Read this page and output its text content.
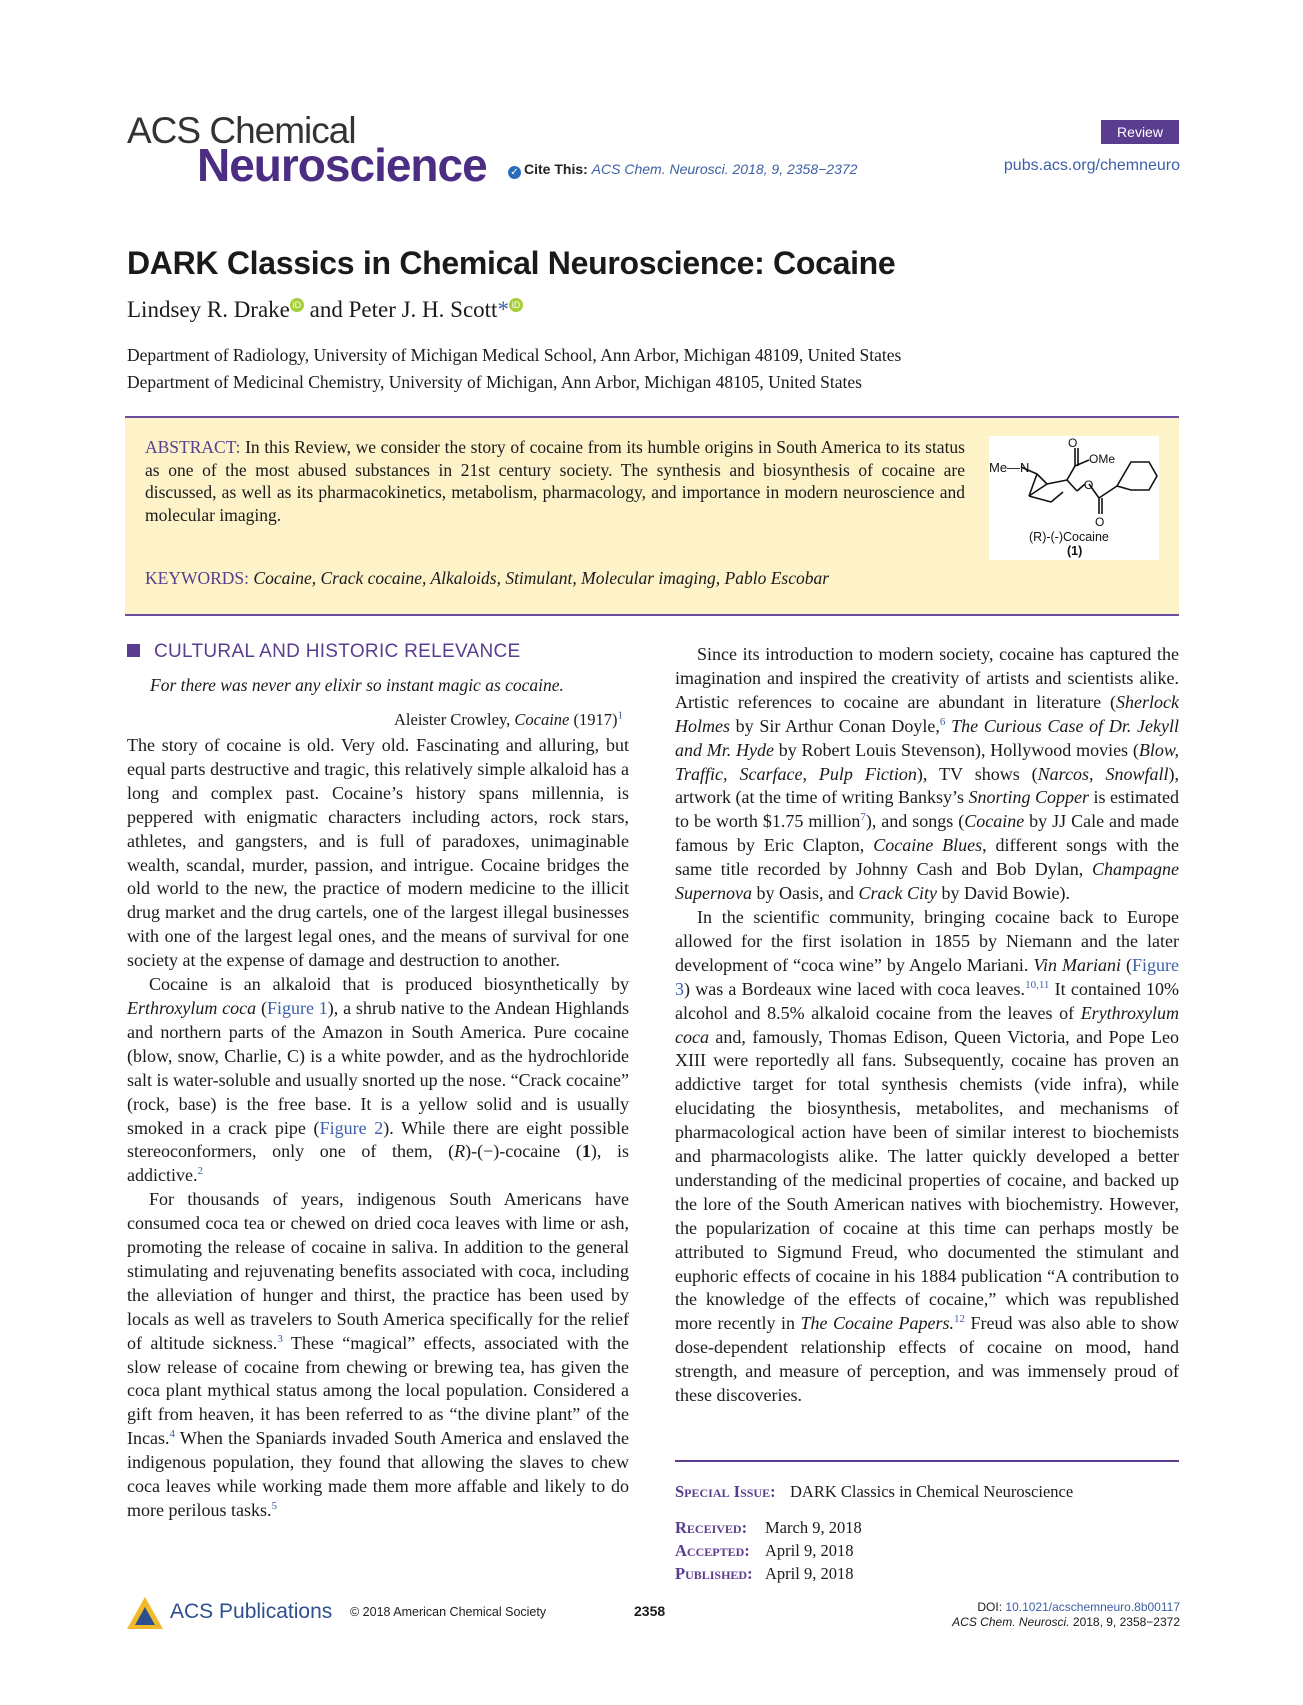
ACS Chemical
Neuroscience ✓ Cite This: ACS Chem. Neurosci. 2018, 9, 2358−2372
Review
pubs.acs.org/chemneuro
DARK Classics in Chemical Neuroscience: Cocaine
Lindsey R. Drake iD and Peter J. H. Scott* iD
Department of Radiology, University of Michigan Medical School, Ann Arbor, Michigan 48109, United States
Department of Medicinal Chemistry, University of Michigan, Ann Arbor, Michigan 48105, United States
ABSTRACT: In this Review, we consider the story of cocaine from its humble origins in South America to its status as one of the most abused substances in 21st century society. The synthesis and biosynthesis of cocaine are discussed, as well as its pharmacokinetics, metabolism, pharmacology, and importance in modern neuroscience and molecular imaging.
KEYWORDS: Cocaine, Crack cocaine, Alkaloids, Stimulant, Molecular imaging, Pablo Escobar
Me—N
O
OMe
O
O
(R)-(-)Cocaine
(1)
CULTURAL AND HISTORIC RELEVANCE
For there was never any elixir so instant magic as cocaine.
Aleister Crowley, Cocaine $(1917)^1$

The story of cocaine is old. Very old. Fascinating and alluring, but equal parts destructive and tragic, this relatively simple alkaloid has a long and complex past. Cocaine’s history spans millennia, is peppered with enigmatic characters including actors, rock stars, athletes, and gangsters, and is full of paradoxes, unimaginable wealth, scandal, murder, passion, and intrigue. Cocaine bridges the old world to the new, the practice of modern medicine to the illicit drug market and the drug cartels, one of the largest illegal businesses with one of the largest legal ones, and the means of survival for one society at the expense of damage and destruction to another.

Cocaine is an alkaloid that is produced biosynthetically by Erthroxylum coca (Figure 1), a shrub native to the Andean Highlands and northern parts of the Amazon in South America. Pure cocaine (blow, snow, Charlie, C) is a white powder, and as the hydrochloride salt is water-soluble and usually snorted up the nose. “Crack cocaine” (rock, base) is the free base. It is a yellow solid and is usually smoked in a crack pipe (Figure 2). While there are eight possible stereoconformers, only one of them, (R)-(−)-cocaine (1), is addictive.$^2$

For thousands of years, indigenous South Americans have consumed coca tea or chewed on dried coca leaves with lime or ash, promoting the release of cocaine in saliva. In addition to the general stimulating and rejuvenating benefits associated with coca, including the alleviation of hunger and thirst, the practice has been used by locals as well as travelers to South America specifically for the relief of altitude sickness.$^3$ These “magical” effects, associated with the slow release of cocaine from chewing or brewing tea, has given the coca plant mythical status among the local population. Considered a gift from heaven, it has been referred to as “the divine plant” of the Incas.$^4$ When the Spaniards invaded South America and enslaved the indigenous population, they found that allowing the slaves to chew coca leaves while working made them more affable and likely to do more perilous tasks.$^5$

Since its introduction to modern society, cocaine has captured the imagination and inspired the creativity of artists and scientists alike. Artistic references to cocaine are abundant in literature (Sherlock Holmes by Sir Arthur Conan Doyle,$^6$ The Curious Case of Dr. Jekyll and Mr. Hyde by Robert Louis Stevenson), Hollywood movies (Blow, Traffic, Scarface, Pulp Fiction), TV shows (Narcos, Snowfall), artwork (at the time of writing Banksy’s Snorting Copper is estimated to be worth $1.75 million$^7$), and songs (Cocaine by JJ Cale and made famous by Eric Clapton, Cocaine Blues, different songs with the same title recorded by Johnny Cash and Bob Dylan, Champagne Supernova by Oasis, and Crack City by David Bowie).

In the scientific community, bringing cocaine back to Europe allowed for the first isolation in 1855 by Niemann and the later development of “coca wine” by Angelo Mariani. Vin Mariani (Figure 3) was a Bordeaux wine laced with coca leaves.$^{10,11}$ It contained 10% alcohol and 8.5% alkaloid cocaine from the leaves of Erythroxylum coca and, famously, Thomas Edison, Queen Victoria, and Pope Leo XIII were reportedly all fans. Subsequently, cocaine has proven an addictive target for total synthesis chemists (vide infra), while elucidating the biosynthesis, metabolites, and mechanisms of pharmacological action have been of similar interest to biochemists and pharmacologists alike. The latter quickly developed a better understanding of the medicinal properties of cocaine, and backed up the lore of the South American natives with biochemistry. However, the popularization of cocaine at this time can perhaps mostly be attributed to Sigmund Freud, who documented the stimulant and euphoric effects of cocaine in his 1884 publication “A contribution to the knowledge of the effects of cocaine,” which was republished more recently in The Cocaine Papers.$^{12}$ Freud was also able to show dose-dependent relationship effects of cocaine on mood, hand strength, and measure of perception, and was immensely proud of these discoveries.

Special Issue: DARK Classics in Chemical Neuroscience
Received: March 9, 2018
Accepted: April 9, 2018
Published: April 9, 2018
ACS Publications © 2018 American Chemical Society	2358	DOI: 10.1021/acschemneuro.8b00117
ACS Chem. Neurosci. 2018, 9, 2358−2372
